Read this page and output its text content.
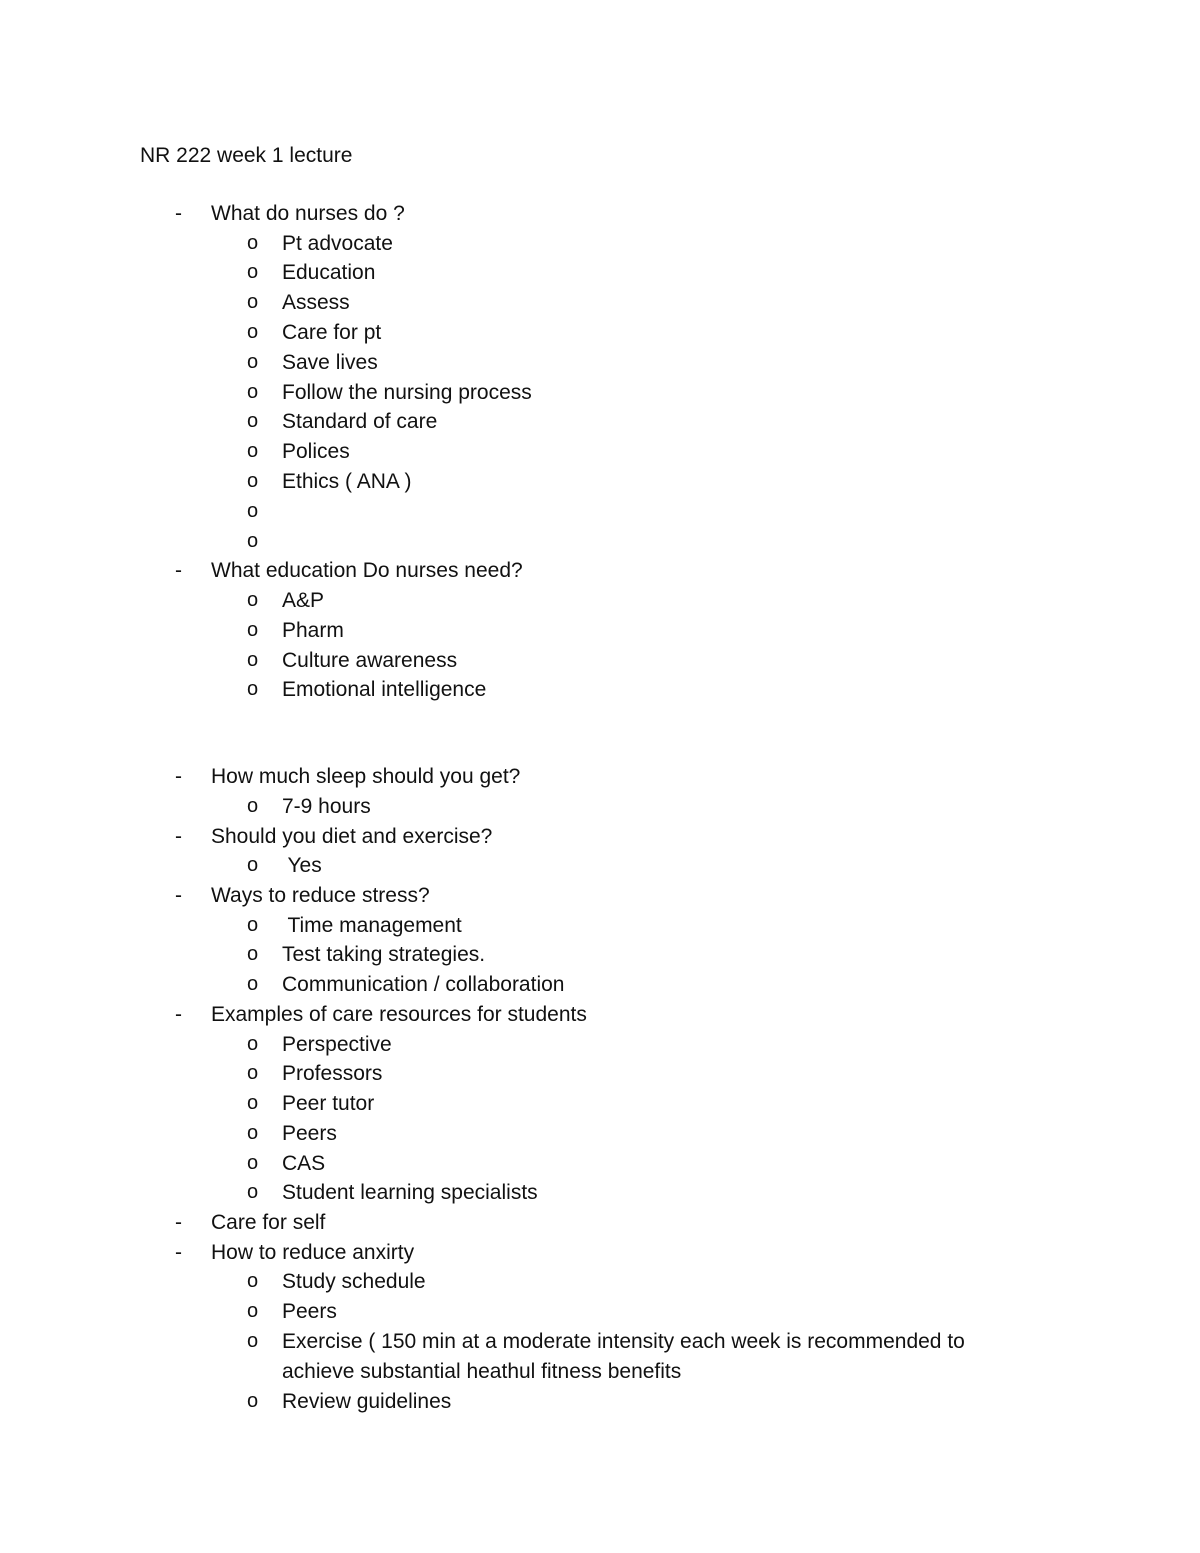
NR 222 week 1 lecture
- What do nurses do ?
o Pt advocate
o Education
o Assess
o Care for pt
o Save lives
o Follow the nursing process
o Standard of care
o Polices
o Ethics ( ANA )
o
o
- What education Do nurses need?
o A&P
o Pharm
o Culture awareness
o Emotional intelligence
- How much sleep should you get?
o 7-9 hours
- Should you diet and exercise?
o Yes
- Ways to reduce stress?
o Time management
o Test taking strategies.
o Communication / collaboration
- Examples of care resources for students
o Perspective
o Professors
o Peer tutor
o Peers
o CAS
o Student learning specialists
- Care for self
- How to reduce anxirty
o Study schedule
o Peers
o Exercise ( 150 min at a moderate intensity each week is recommended to achieve substantial heathul fitness benefits
o Review guidelines
